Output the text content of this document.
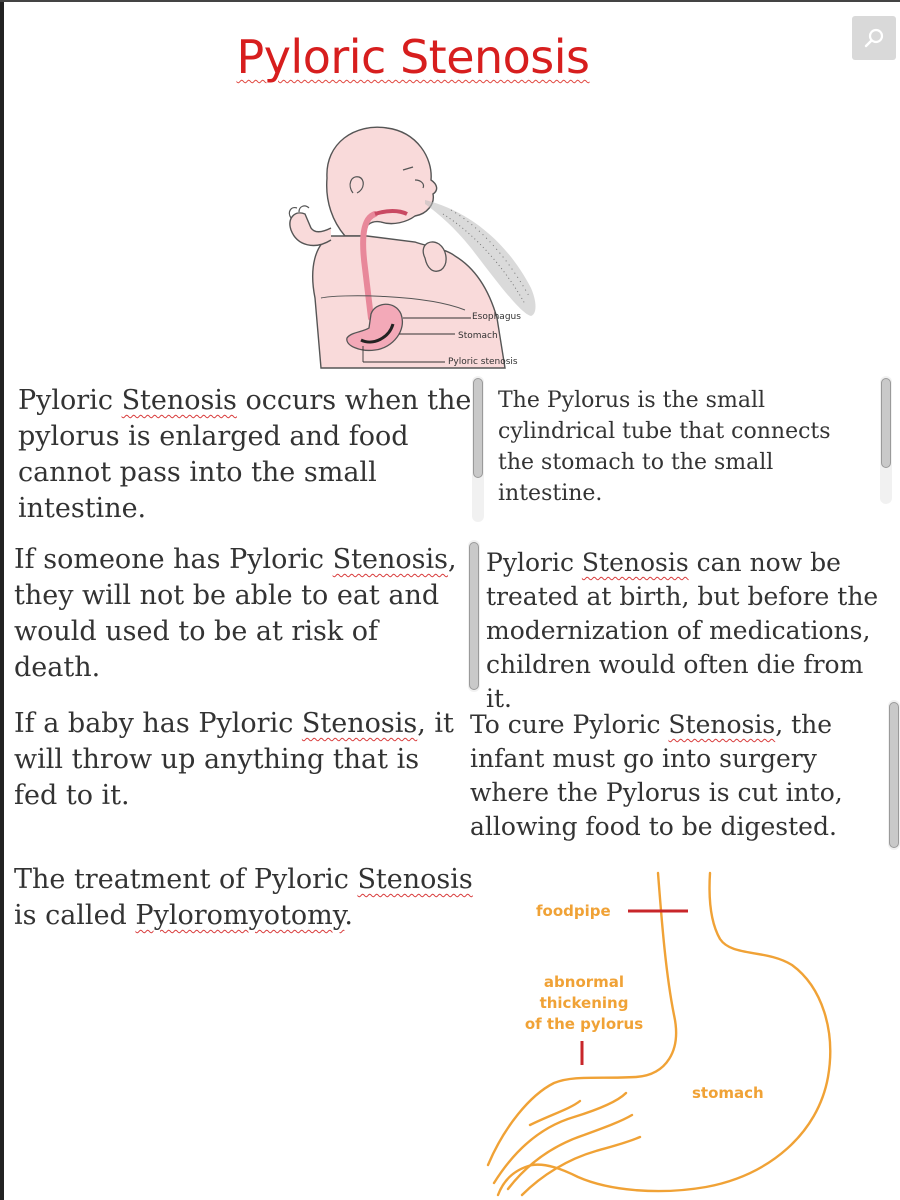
Pyloric Stenosis
Esophagus
Stomach
Pyloric stenosis
Pyloric Stenosis occurs when the
pylorus is enlarged and food
cannot pass into the small
intestine.
The Pylorus is the small
cylindrical tube that connects
the stomach to the small
intestine.
If someone has Pyloric Stenosis,
they will not be able to eat and
would used to be at risk of
death.
Pyloric Stenosis can now be
treated at birth, but before the
modernization of medications,
children would often die from it.
If a baby has Pyloric Stenosis, it
will throw up anything that is
fed to it.
To cure Pyloric Stenosis, the
infant must go into surgery
where the Pylorus is cut into,
allowing food to be digested.
The treatment of Pyloric Stenosis
is called Pyloromyotomy.	foodpipe
abnormal
thickening
of the pylorus
stomach
